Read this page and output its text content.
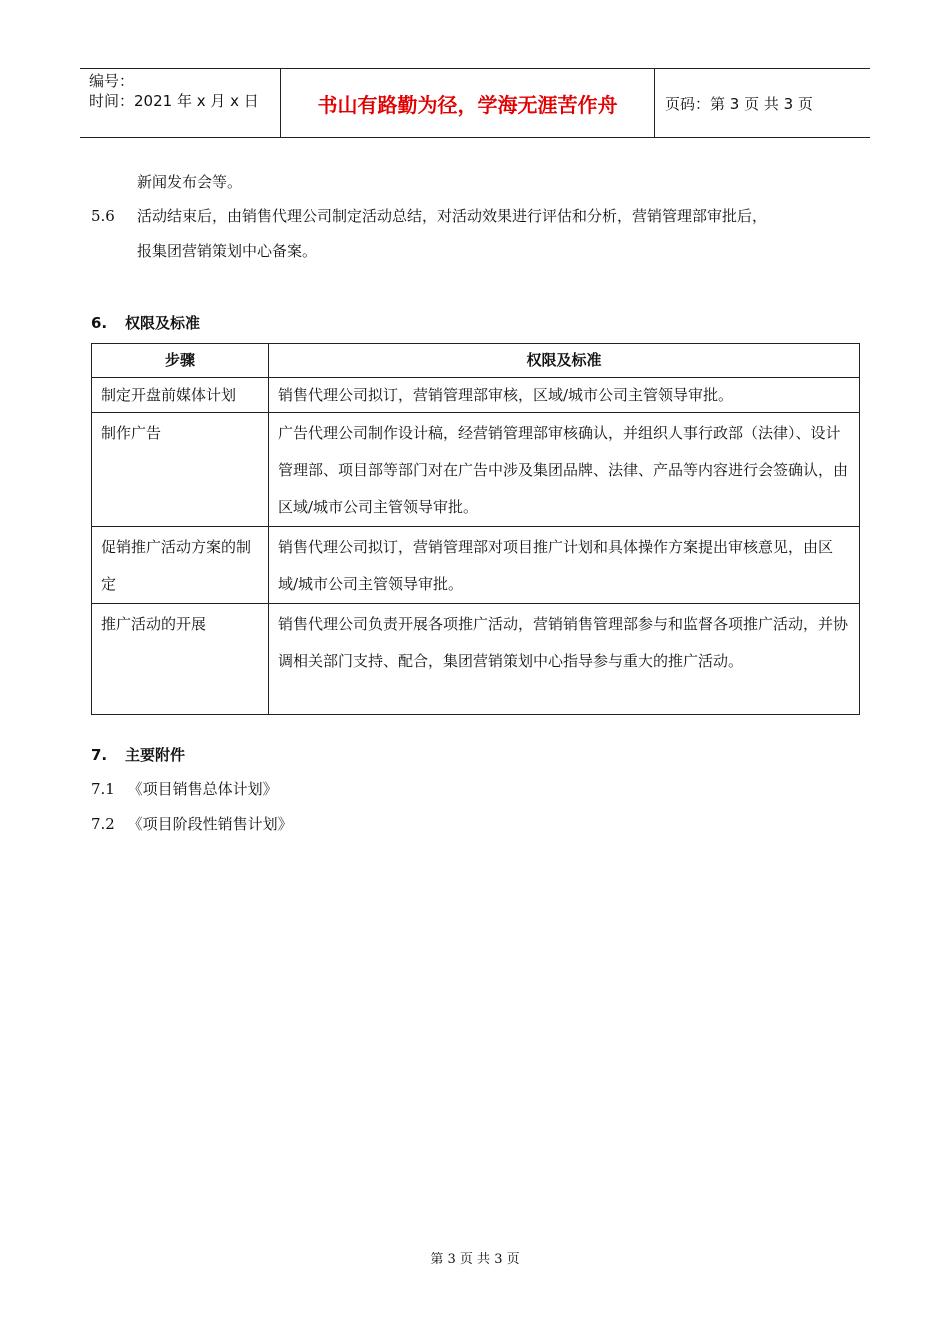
编号：
时间：2021 年 x 月 x 日	书山有路勤为径，学海无涯苦作舟	页码：第 3 页 共 3 页
新闻发布会等。
5.6 活动结束后，由销售代理公司制定活动总结，对活动效果进行评估和分析，营销管理部审批后，
报集团营销策划中心备案。
6. 权限及标准
步骤	权限及标准

制定开盘前媒体计划	销售代理公司拟订，营销管理部审核，区域/城市公司主管领导审批。

制作广告	广告代理公司制作设计稿，经营销管理部审核确认，并组织人事行政部（法律）、设计管理部、项目部等部门对在广告中涉及集团品牌、法律、产品等内容进行会签确认，由区域/城市公司主管领导审批。

促销推广活动方案的制定	销售代理公司拟订，营销管理部对项目推广计划和具体操作方案提出审核意见，由区域/城市公司主管领导审批。

推广活动的开展	销售代理公司负责开展各项推广活动，营销销售管理部参与和监督各项推广活动，并协调相关部门支持、配合，集团营销策划中心指导参与重大的推广活动。
7. 主要附件
7.1 《项目销售总体计划》
7.2 《项目阶段性销售计划》
第 3 页 共 3 页
